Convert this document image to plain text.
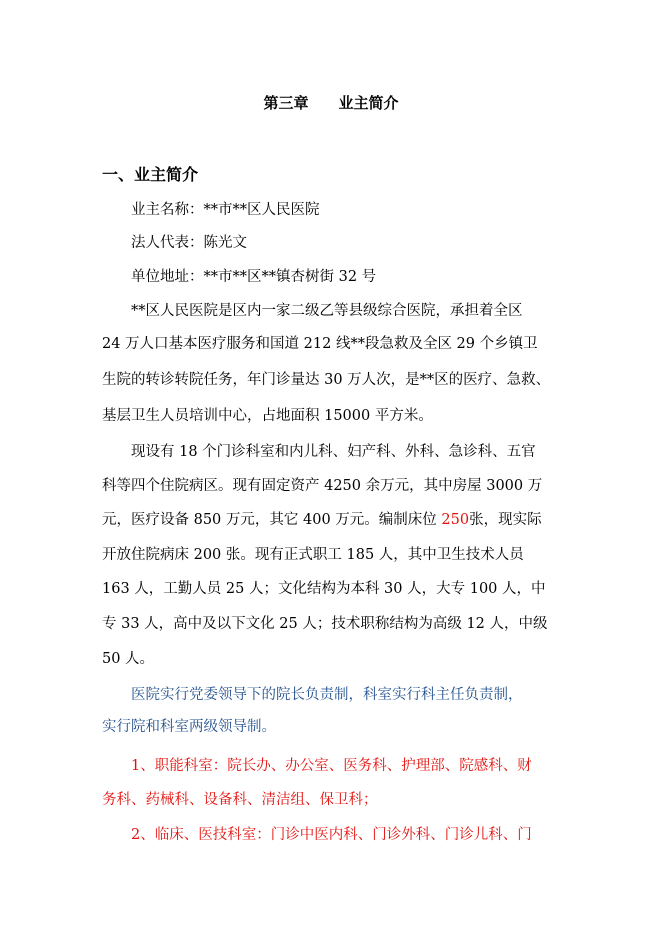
第三章 业主简介
一、业主简介
业主名称：**市**区人民医院
法人代表：陈光文
单位地址：**市**区**镇杏树街 32 号
**区人民医院是区内一家二级乙等县级综合医院，承担着全区
24 万人口基本医疗服务和国道 212 线**段急救及全区 29 个乡镇卫
生院的转诊转院任务，年门诊量达 30 万人次，是**区的医疗、急救、
基层卫生人员培训中心，占地面积 15000 平方米。
现设有 18 个门诊科室和内儿科、妇产科、外科、急诊科、五官
科等四个住院病区。现有固定资产 4250 余万元，其中房屋 3000 万
元，医疗设备 850 万元，其它 400 万元。编制床位 250张，现实际
开放住院病床 200 张。现有正式职工 185 人，其中卫生技术人员
163 人，工勤人员 25 人；文化结构为本科 30 人，大专 100 人，中
专 33 人，高中及以下文化 25 人；技术职称结构为高级 12 人，中级
50 人。
医院实行党委领导下的院长负责制，科室实行科主任负责制，
实行院和科室两级领导制。
1、职能科室：院长办、办公室、医务科、护理部、院感科、财
务科、药械科、设备科、清洁组、保卫科；
2、临床、医技科室：门诊中医内科、门诊外科、门诊儿科、门
